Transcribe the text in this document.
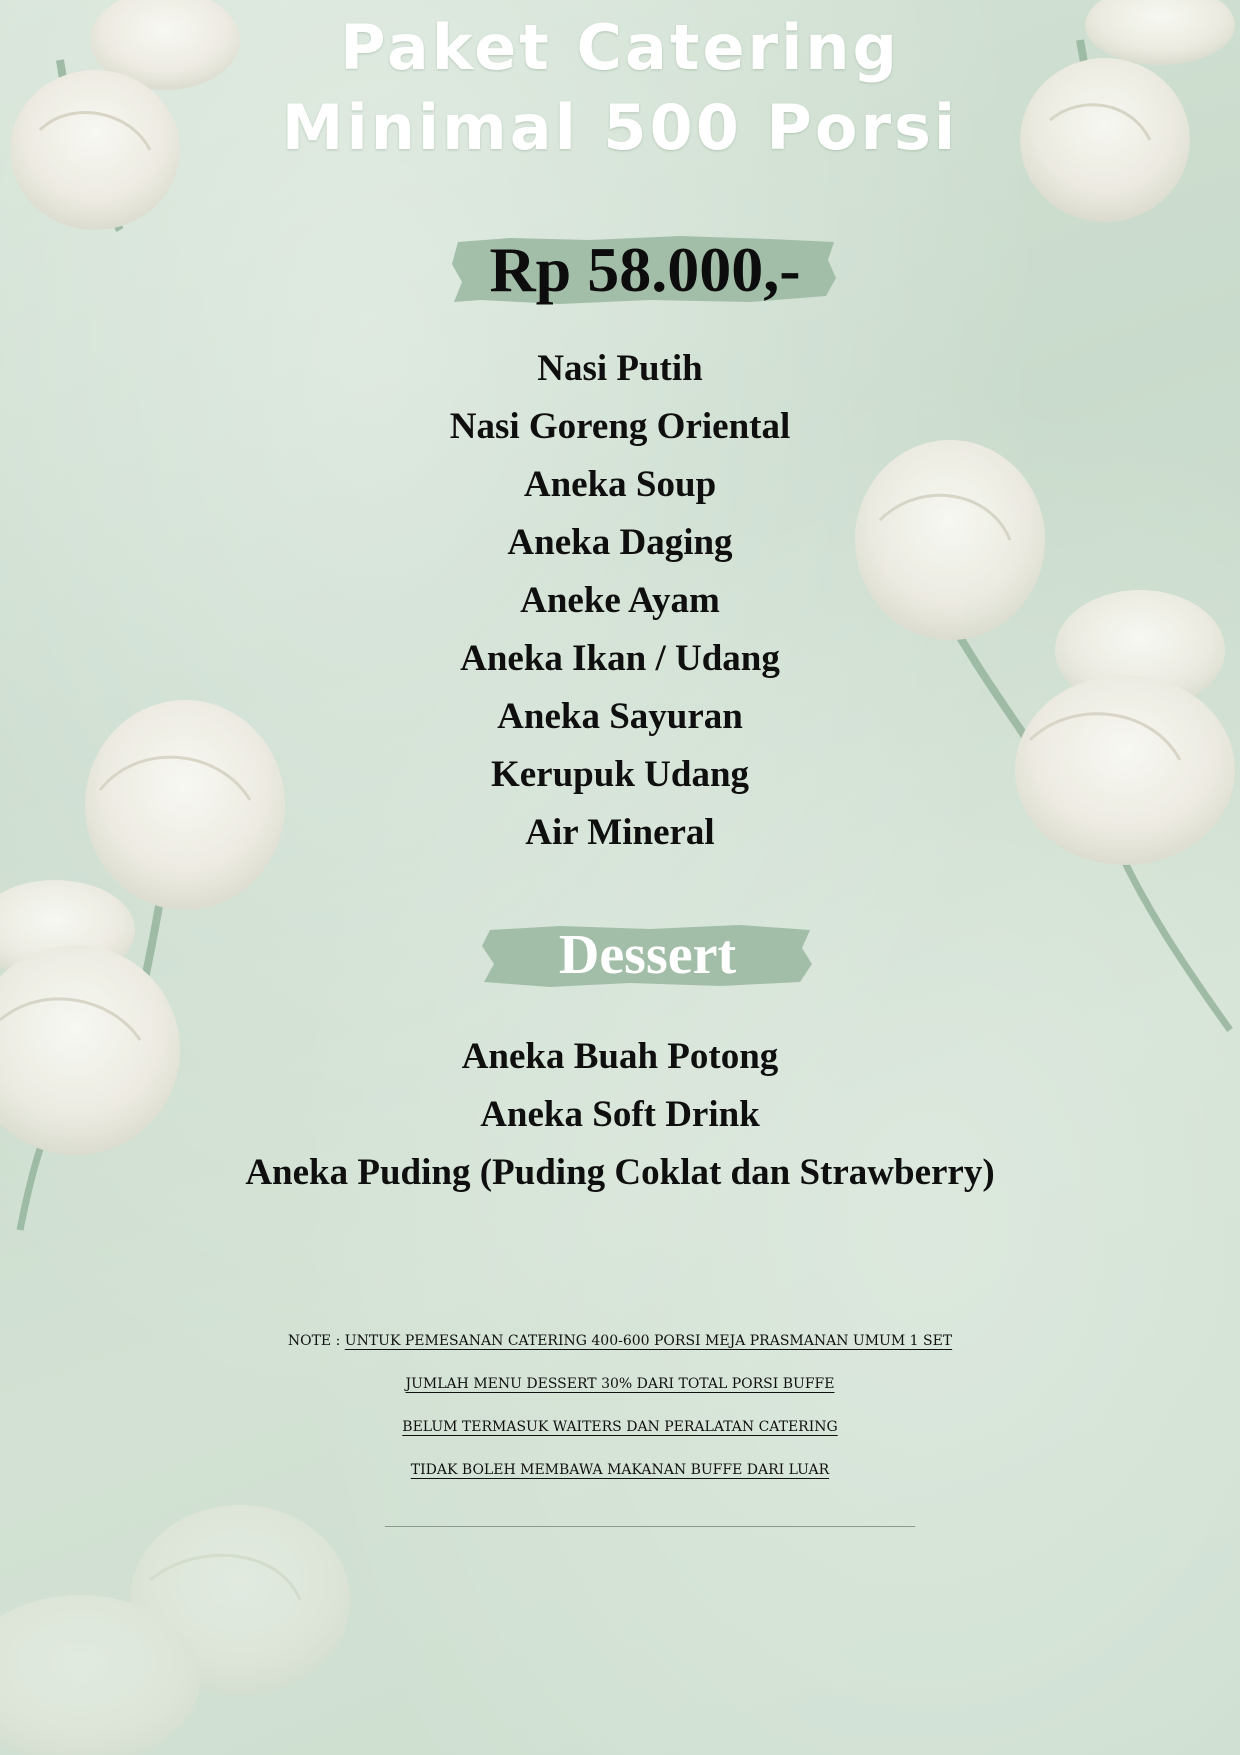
Paket Catering
Minimal 500 Porsi
Rp 58.000,-
Nasi Putih
Nasi Goreng Oriental
Aneka Soup
Aneka Daging
Aneke Ayam
Aneka Ikan / Udang
Aneka Sayuran
Kerupuk Udang
Air Mineral
Dessert
Aneka Buah Potong
Aneka Soft Drink
Aneka Puding (Puding Coklat dan Strawberry)
NOTE : UNTUK PEMESANAN CATERING 400-600 PORSI MEJA PRASMANAN UMUM 1 SET
JUMLAH MENU DESSERT 30% DARI TOTAL PORSI BUFFE
BELUM TERMASUK WAITERS DAN PERALATAN CATERING
TIDAK BOLEH MEMBAWA MAKANAN BUFFE DARI LUAR
